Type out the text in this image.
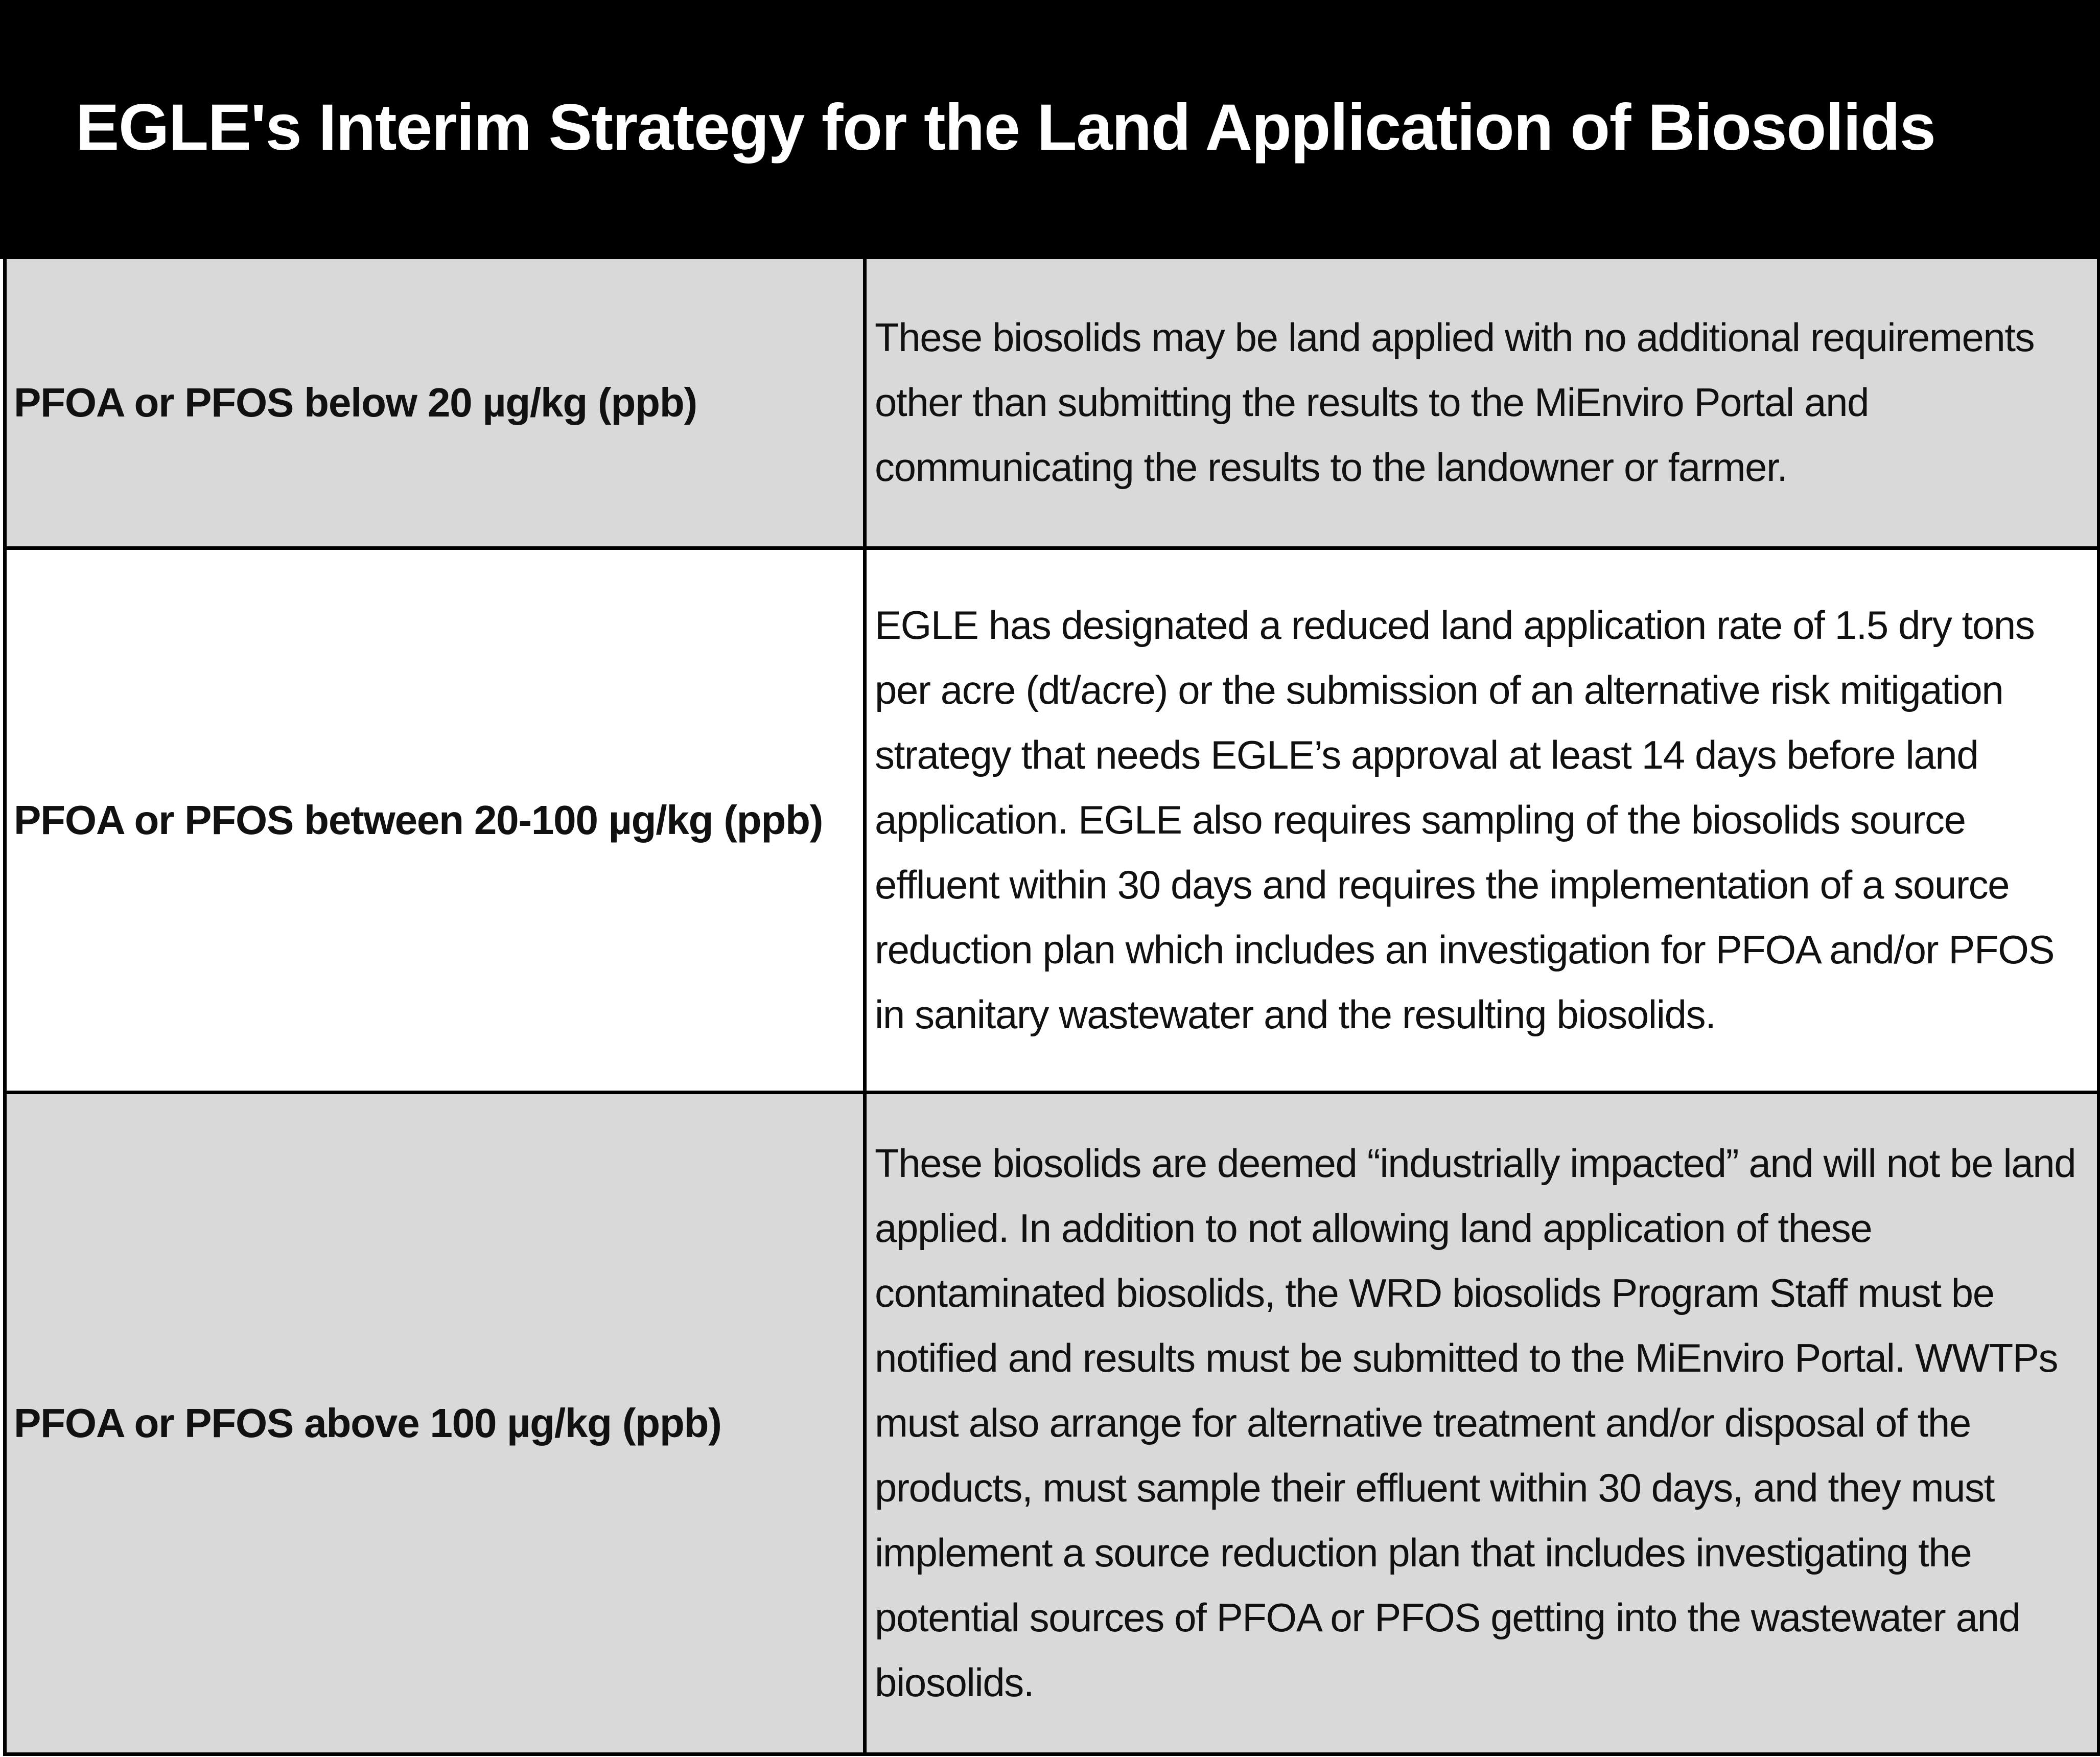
EGLE's Interim Strategy for the Land Application of Biosolids
PFOA or PFOS below 20 µg/kg (ppb)	These biosolids may be land applied with no additional requirements other than submitting the results to the MiEnviro Portal and communicating the results to the landowner or farmer.
PFOA or PFOS between 20-100 µg/kg (ppb)	EGLE has designated a reduced land application rate of 1.5 dry tons per acre (dt/acre) or the submission of an alternative risk mitigation strategy that needs EGLE’s approval at least 14 days before land application. EGLE also requires sampling of the biosolids source effluent within 30 days and requires the implementation of a source reduction plan which includes an investigation for PFOA and/or PFOS in sanitary wastewater and the resulting biosolids.
PFOA or PFOS above 100 µg/kg (ppb)	These biosolids are deemed “industrially impacted” and will not be land applied. In addition to not allowing land application of these contaminated biosolids, the WRD biosolids Program Staff must be notified and results must be submitted to the MiEnviro Portal. WWTPs must also arrange for alternative treatment and/or disposal of the products, must sample their effluent within 30 days, and they must implement a source reduction plan that includes investigating the potential sources of PFOA or PFOS getting into the wastewater and biosolids.
